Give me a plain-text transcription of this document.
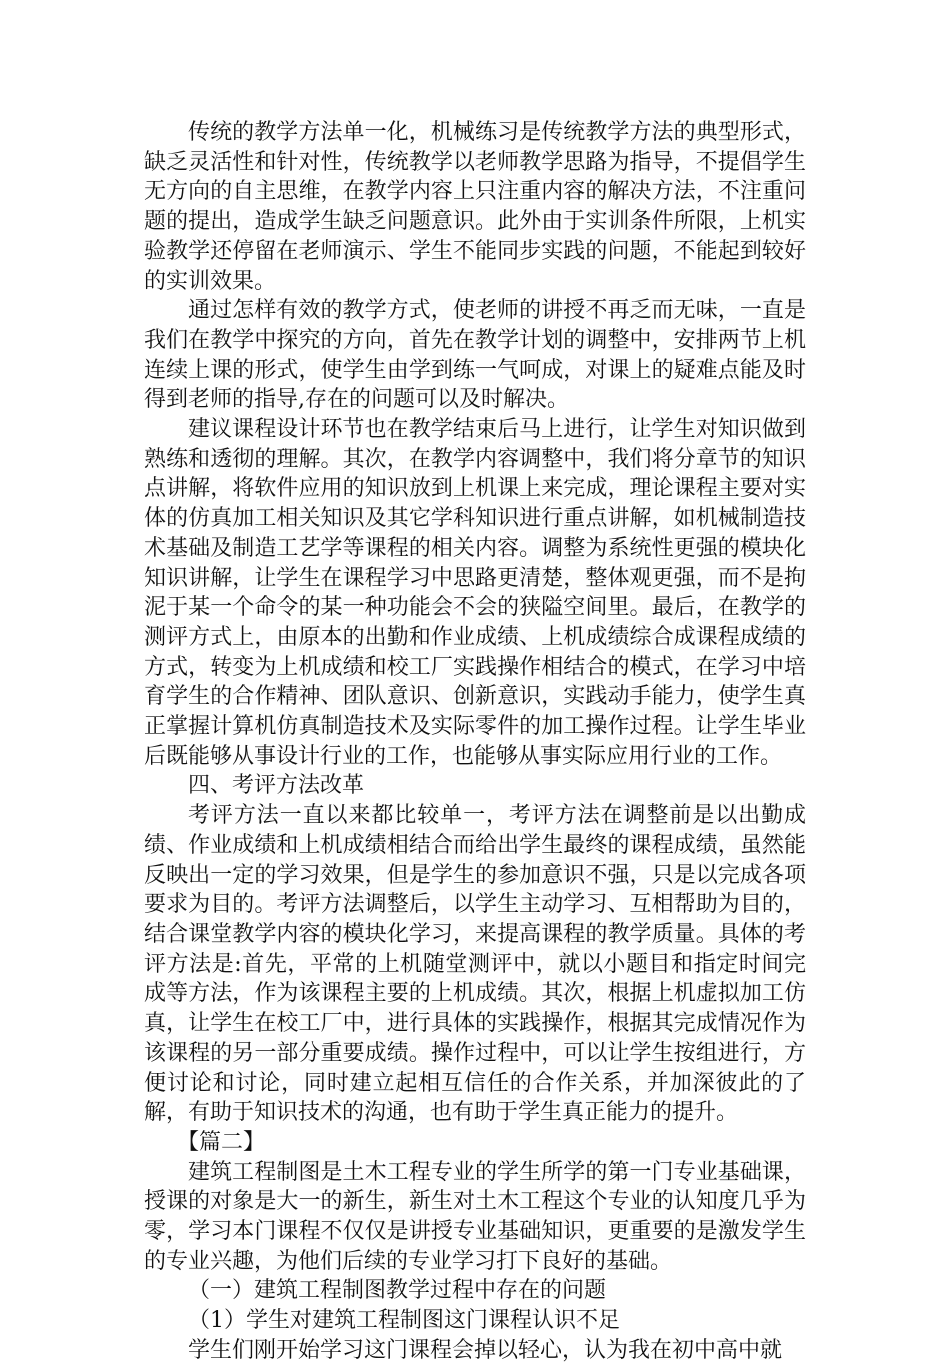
传统的教学方法单一化，机械练习是传统教学方法的典型形式，缺乏灵活性和针对性，传统教学以老师教学思路为指导，不提倡学生无方向的自主思维，在教学内容上只注重内容的解决方法，不注重问题的提出，造成学生缺乏问题意识。此外由于实训条件所限，上机实验教学还停留在老师演示、学生不能同步实践的问题，不能起到较好的实训效果。

通过怎样有效的教学方式，使老师的讲授不再乏而无味，一直是我们在教学中探究的方向，首先在教学计划的调整中，安排两节上机连续上课的形式，使学生由学到练一气呵成，对课上的疑难点能及时得到老师的指导,存在的问题可以及时解决。

建议课程设计环节也在教学结束后马上进行，让学生对知识做到熟练和透彻的理解。其次，在教学内容调整中，我们将分章节的知识点讲解，将软件应用的知识放到上机课上来完成，理论课程主要对实体的仿真加工相关知识及其它学科知识进行重点讲解，如机械制造技术基础及制造工艺学等课程的相关内容。调整为系统性更强的模块化知识讲解，让学生在课程学习中思路更清楚，整体观更强，而不是拘泥于某一个命令的某一种功能会不会的狭隘空间里。最后，在教学的测评方式上，由原本的出勤和作业成绩、上机成绩综合成课程成绩的方式，转变为上机成绩和校工厂实践操作相结合的模式，在学习中培育学生的合作精神、团队意识、创新意识，实践动手能力，使学生真正掌握计算机仿真制造技术及实际零件的加工操作过程。让学生毕业后既能够从事设计行业的工作，也能够从事实际应用行业的工作。

四、考评方法改革

考评方法一直以来都比较单一，考评方法在调整前是以出勤成绩、作业成绩和上机成绩相结合而给出学生最终的课程成绩，虽然能反映出一定的学习效果，但是学生的参加意识不强，只是以完成各项要求为目的。考评方法调整后，以学生主动学习、互相帮助为目的，结合课堂教学内容的模块化学习，来提高课程的教学质量。具体的考评方法是:首先，平常的上机随堂测评中，就以小题目和指定时间完成等方法，作为该课程主要的上机成绩。其次，根据上机虚拟加工仿真，让学生在校工厂中，进行具体的实践操作，根据其完成情况作为该课程的另一部分重要成绩。操作过程中，可以让学生按组进行，方便讨论和讨论，同时建立起相互信任的合作关系，并加深彼此的了解，有助于知识技术的沟通，也有助于学生真正能力的提升。

【篇二】

建筑工程制图是土木工程专业的学生所学的第一门专业基础课，授课的对象是大一的新生，新生对土木工程这个专业的认知度几乎为零，学习本门课程不仅仅是讲授专业基础知识，更重要的是激发学生的专业兴趣，为他们后续的专业学习打下良好的基础。

（一）建筑工程制图教学过程中存在的问题

（1）学生对建筑工程制图这门课程认识不足

学生们刚开始学习这门课程会掉以轻心，认为我在初中高中就
